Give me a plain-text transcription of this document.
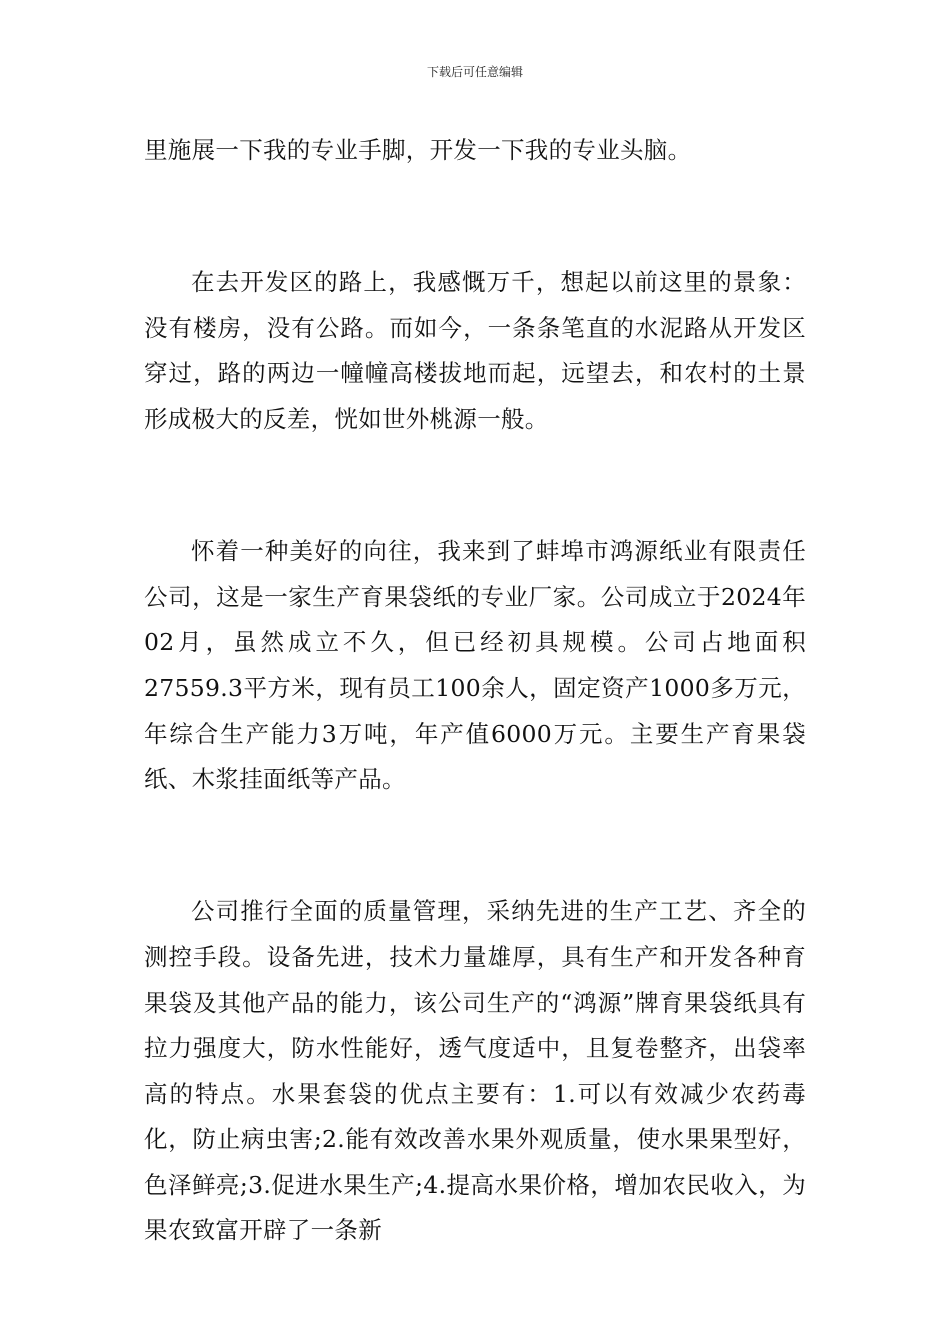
下载后可任意编辑

里施展一下我的专业手脚，开发一下我的专业头脑。

在去开发区的路上，我感慨万千，想起以前这里的景象：没有楼房，没有公路。而如今，一条条笔直的水泥路从开发区穿过，路的两边一幢幢高楼拔地而起，远望去，和农村的土景形成极大的反差，恍如世外桃源一般。

怀着一种美好的向往，我来到了蚌埠市鸿源纸业有限责任公司，这是一家生产育果袋纸的专业厂家。公司成立于2024年02月，虽然成立不久，但已经初具规模。公司占地面积27559.3平方米，现有员工100余人，固定资产1000多万元，年综合生产能力3万吨，年产值6000万元。主要生产育果袋纸、木浆挂面纸等产品。

公司推行全面的质量管理，采纳先进的生产工艺、齐全的测控手段。设备先进，技术力量雄厚，具有生产和开发各种育果袋及其他产品的能力，该公司生产的“鸿源”牌育果袋纸具有拉力强度大，防水性能好，透气度适中，且复卷整齐，出袋率高的特点。水果套袋的优点主要有：1.可以有效减少农药毒化，防止病虫害;2.能有效改善水果外观质量，使水果果型好，色泽鲜亮;3.促进水果生产;4.提高水果价格，增加农民收入，为果农致富开辟了一条新
